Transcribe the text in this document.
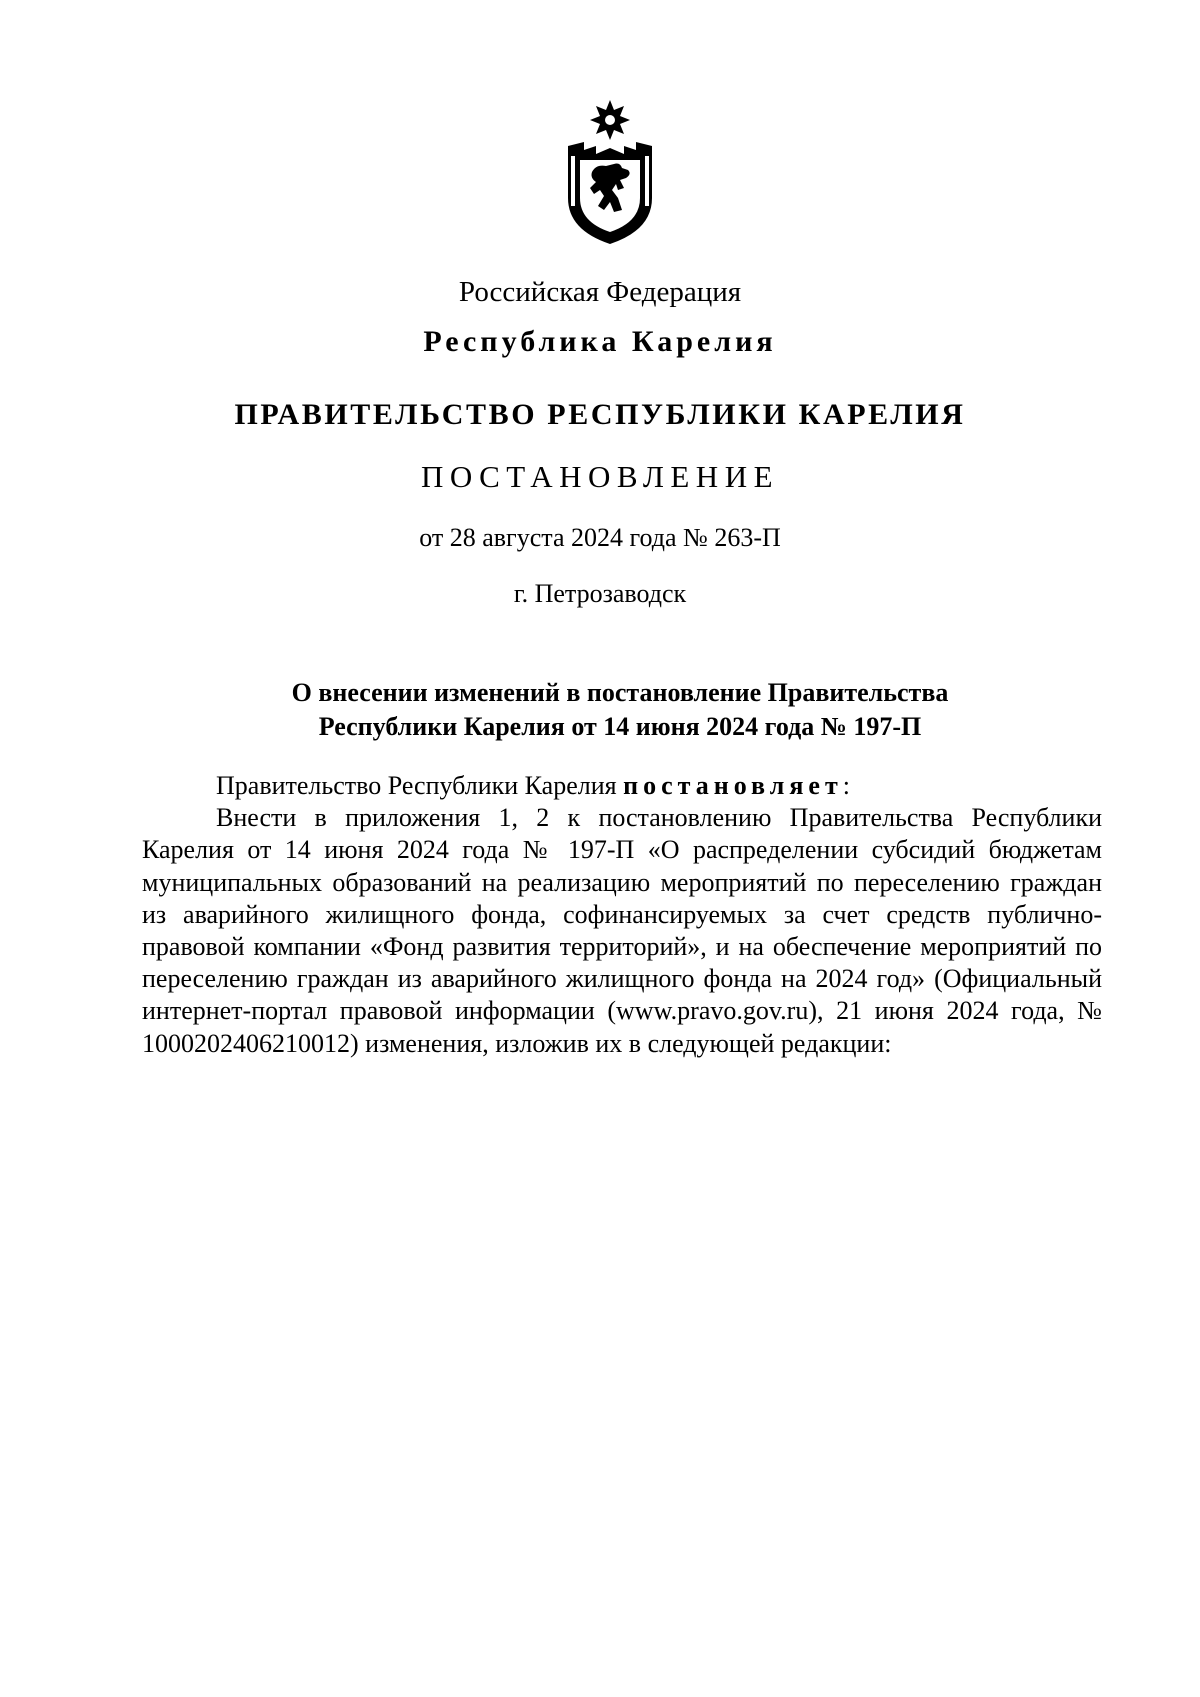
Российская Федерация
Республика Карелия
ПРАВИТЕЛЬСТВО РЕСПУБЛИКИ КАРЕЛИЯ
ПОСТАНОВЛЕНИЕ
от 28 августа 2024 года № 263-П
г. Петрозаводск
О внесении изменений в постановление Правительства
Республики Карелия от 14 июня 2024 года № 197-П

Правительство Республики Карелия постановляет:

Внести в приложения 1, 2 к постановлению Правительства Республики Карелия от 14 июня 2024 года № 197-П «О распределении субсидий бюджетам муниципальных образований на реализацию мероприятий по переселению граждан из аварийного жилищного фонда, софинансируемых за счет средств публично-правовой компании «Фонд развития территорий», и на обеспечение мероприятий по переселению граждан из аварийного жилищного фонда на 2024 год» (Официальный интернет-портал правовой информации (www.pravo.gov.ru), 21 июня 2024 года, № 1000202406210012) изменения, изложив их в следующей редакции:
